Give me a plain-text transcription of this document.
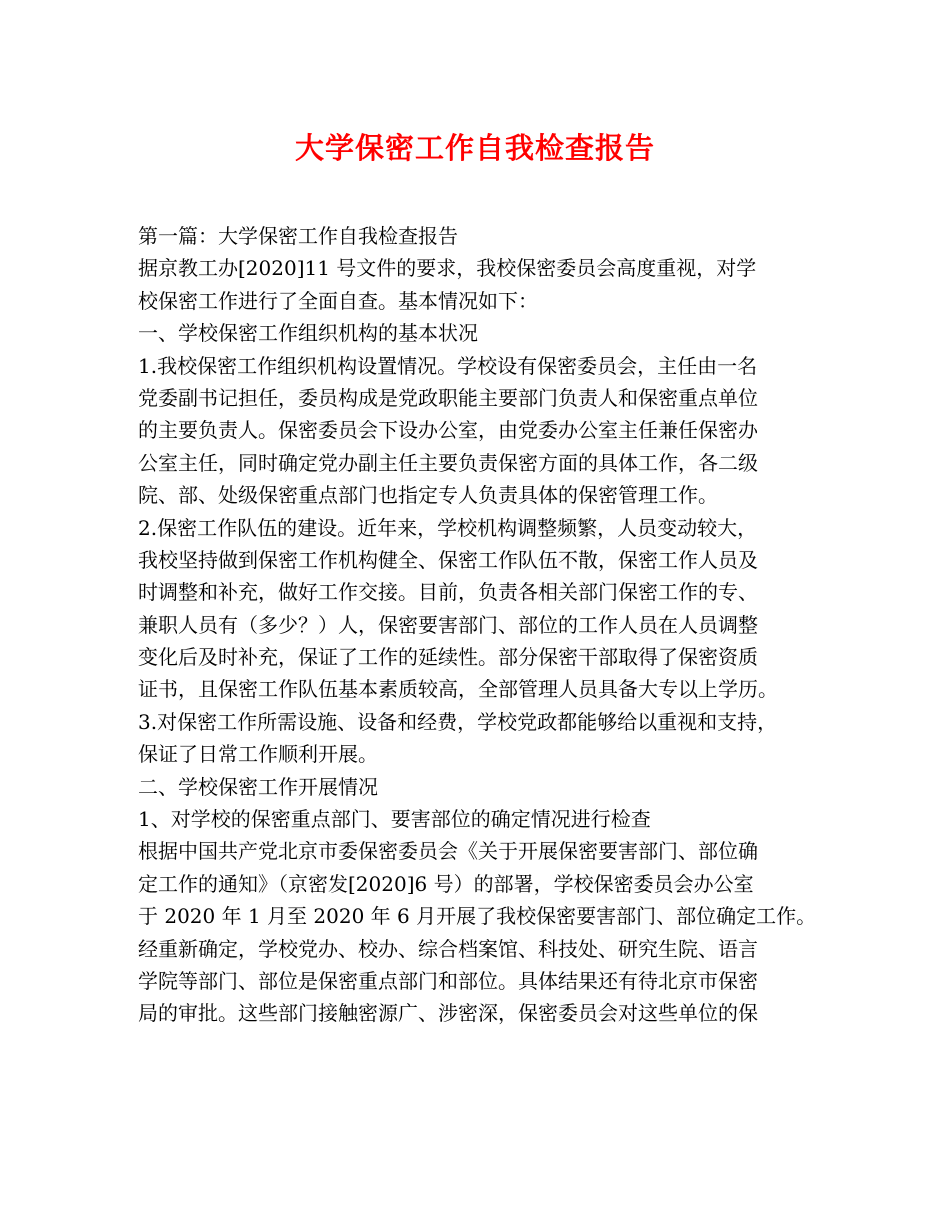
大学保密工作自我检查报告
第一篇：大学保密工作自我检查报告
据京教工办[2020]11 号文件的要求，我校保密委员会高度重视，对学
校保密工作进行了全面自查。基本情况如下：
一、学校保密工作组织机构的基本状况
1.我校保密工作组织机构设置情况。学校设有保密委员会，主任由一名
党委副书记担任，委员构成是党政职能主要部门负责人和保密重点单位
的主要负责人。保密委员会下设办公室，由党委办公室主任兼任保密办
公室主任，同时确定党办副主任主要负责保密方面的具体工作，各二级
院、部、处级保密重点部门也指定专人负责具体的保密管理工作。
2.保密工作队伍的建设。近年来，学校机构调整频繁，人员变动较大，
我校坚持做到保密工作机构健全、保密工作队伍不散，保密工作人员及
时调整和补充，做好工作交接。目前，负责各相关部门保密工作的专、
兼职人员有（多少？）人，保密要害部门、部位的工作人员在人员调整
变化后及时补充，保证了工作的延续性。部分保密干部取得了保密资质
证书，且保密工作队伍基本素质较高，全部管理人员具备大专以上学历。
3.对保密工作所需设施、设备和经费，学校党政都能够给以重视和支持，
保证了日常工作顺利开展。
二、学校保密工作开展情况
1、对学校的保密重点部门、要害部位的确定情况进行检查
根据中国共产党北京市委保密委员会《关于开展保密要害部门、部位确
定工作的通知》（京密发[2020]6 号）的部署，学校保密委员会办公室
于 2020 年 1 月至 2020 年 6 月开展了我校保密要害部门、部位确定工作。
经重新确定，学校党办、校办、综合档案馆、科技处、研究生院、语言
学院等部门、部位是保密重点部门和部位。具体结果还有待北京市保密
局的审批。这些部门接触密源广、涉密深，保密委员会对这些单位的保
